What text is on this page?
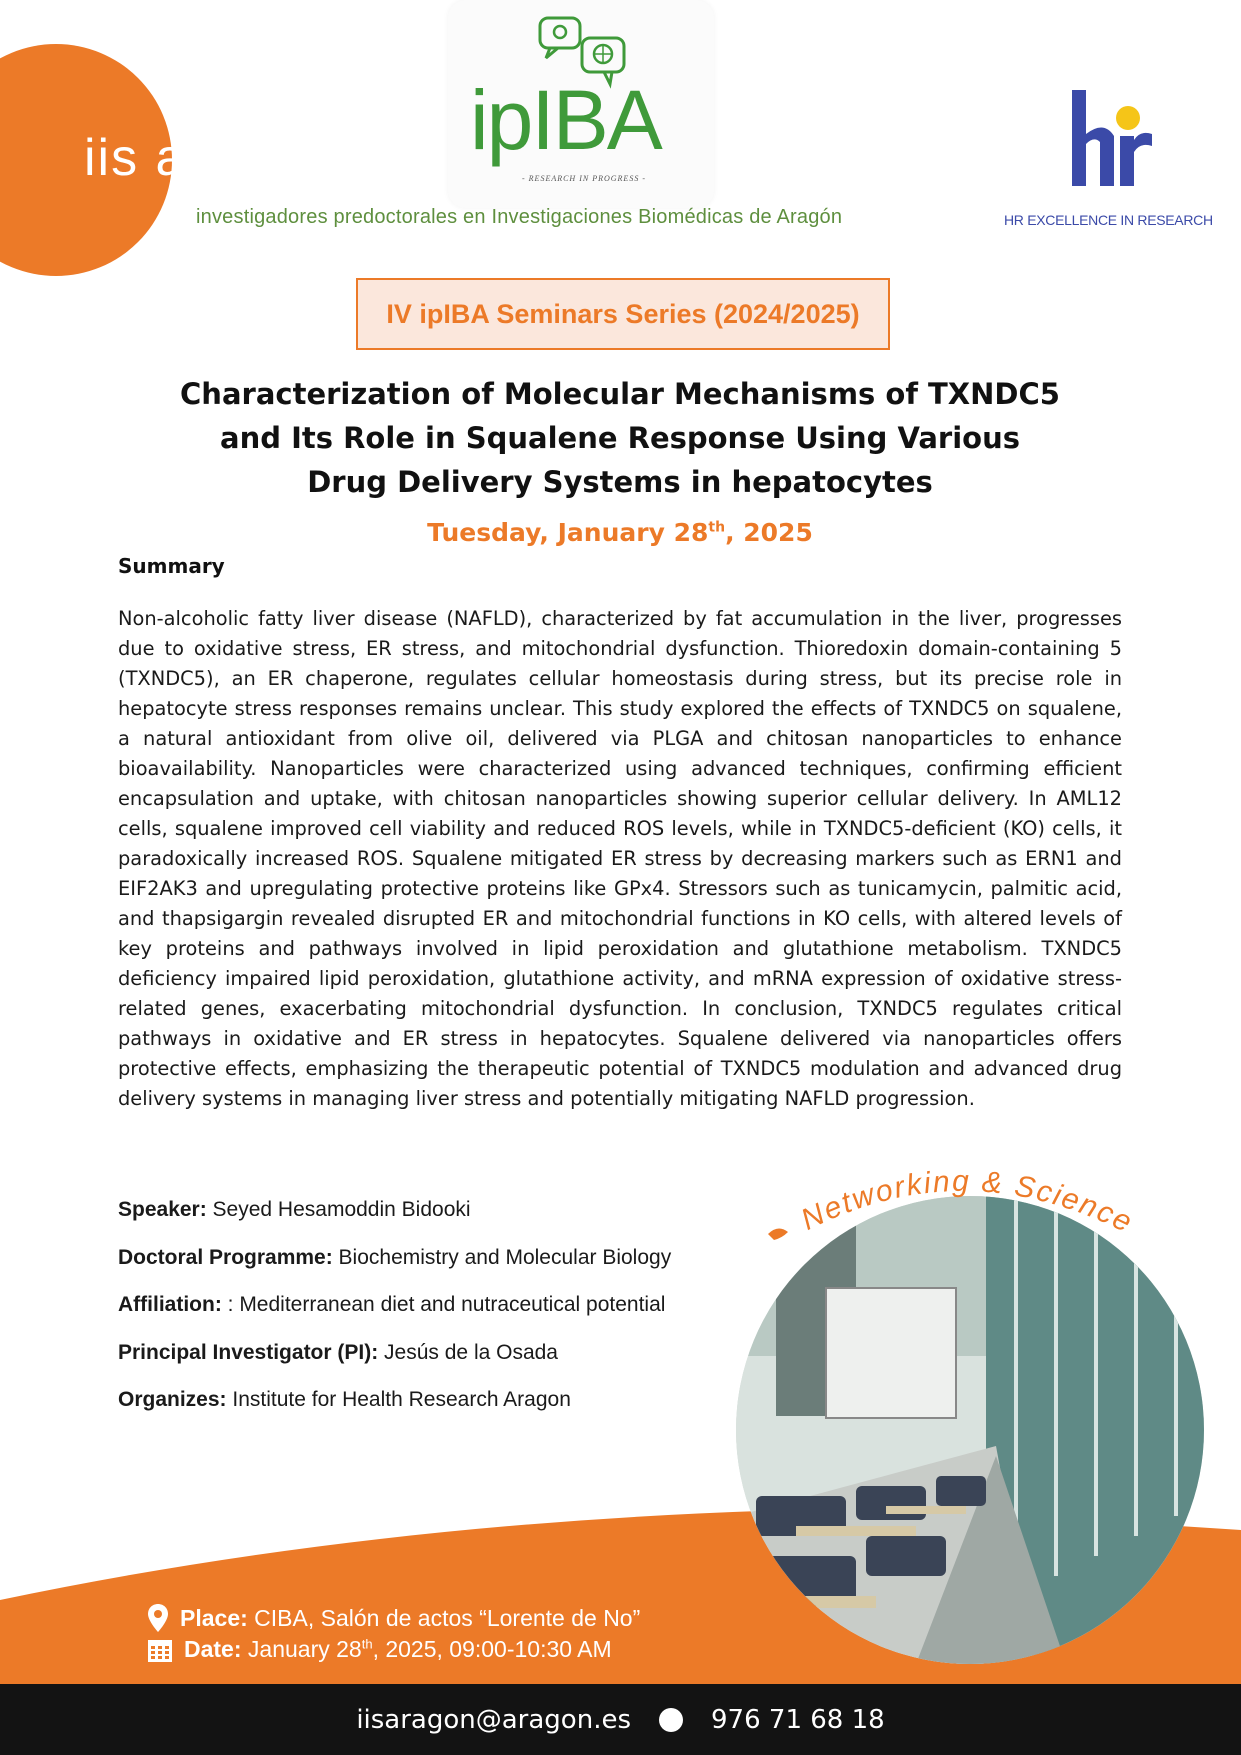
iis a.	ipIBA
- RESEARCH IN PROGRESS -
investigadores predoctorales en Investigaciones Biomédicas de Aragón	HR EXCELLENCE IN RESEARCH
IV ipIBA Seminars Series (2024/2025)
Characterization of Molecular Mechanisms of TXNDC5
and Its Role in Squalene Response Using Various
Drug Delivery Systems in hepatocytes
Tuesday, January 28th, 2025
Summary
Non-alcoholic fatty liver disease (NAFLD), characterized by fat accumulation in the liver, progresses due to oxidative stress, ER stress, and mitochondrial dysfunction. Thioredoxin domain-containing 5 (TXNDC5), an ER chaperone, regulates cellular homeostasis during stress, but its precise role in hepatocyte stress responses remains unclear. This study explored the effects of TXNDC5 on squalene, a natural antioxidant from olive oil, delivered via PLGA and chitosan nanoparticles to enhance bioavailability. Nanoparticles were characterized using advanced techniques, confirming efficient encapsulation and uptake, with chitosan nanoparticles showing superior cellular delivery. In AML12 cells, squalene improved cell viability and reduced ROS levels, while in TXNDC5-deficient (KO) cells, it paradoxically increased ROS. Squalene mitigated ER stress by decreasing markers such as ERN1 and EIF2AK3 and upregulating protective proteins like GPx4. Stressors such as tunicamycin, palmitic acid, and thapsigargin revealed disrupted ER and mitochondrial functions in KO cells, with altered levels of key proteins and pathways involved in lipid peroxidation and glutathione metabolism. TXNDC5 deficiency impaired lipid peroxidation, glutathione activity, and mRNA expression of oxidative stress-related genes, exacerbating mitochondrial dysfunction. In conclusion, TXNDC5 regulates critical pathways in oxidative and ER stress in hepatocytes. Squalene delivered via nanoparticles offers protective effects, emphasizing the therapeutic potential of TXNDC5 modulation and advanced drug delivery systems in managing liver stress and potentially mitigating NAFLD progression.
Speaker: Seyed Hesamoddin Bidooki
Doctoral Programme: Biochemistry and Molecular Biology
Affiliation: : Mediterranean diet and nutraceutical potential
Principal Investigator (PI): Jesús de la Osada
Organizes: Institute for Health Research Aragon
Networking & Science
Place: CIBA, Salón de actos “Lorente de No”
Date: January 28th, 2025, 09:00-10:30 AM
iisaragon@aragon.es	976 71 68 18
